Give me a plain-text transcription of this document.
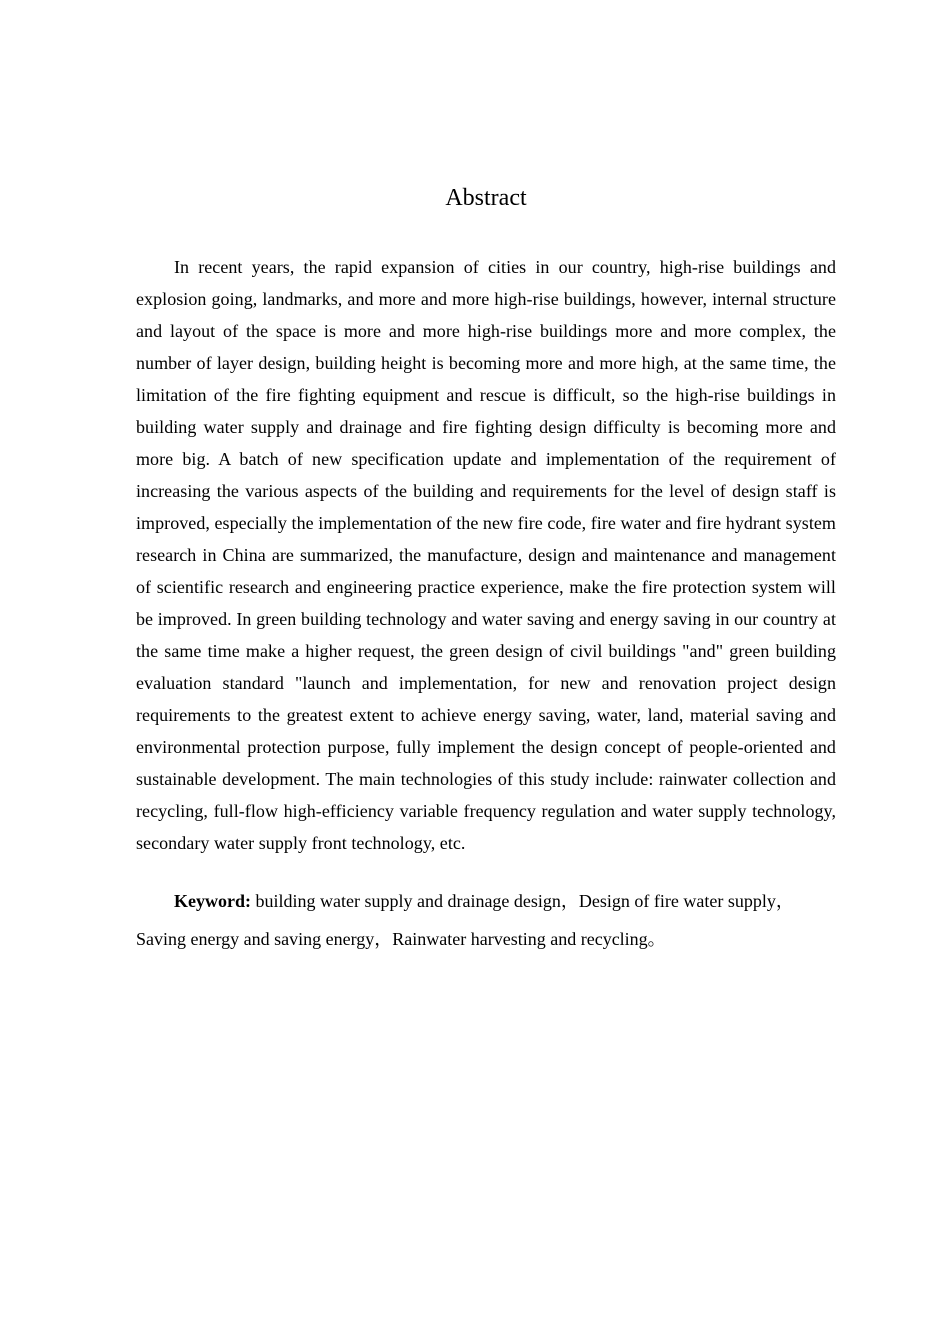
Abstract

In recent years, the rapid expansion of cities in our country, high-rise buildings and explosion going, landmarks, and more and more high-rise buildings, however, internal structure and layout of the space is more and more high-rise buildings more and more complex, the number of layer design, building height is becoming more and more high, at the same time, the limitation of the fire fighting equipment and rescue is difficult, so the high-rise buildings in building water supply and drainage and fire fighting design difficulty is becoming more and more big. A batch of new specification update and implementation of the requirement of increasing the various aspects of the building and requirements for the level of design staff is improved, especially the implementation of the new fire code, fire water and fire hydrant system research in China are summarized, the manufacture, design and maintenance and management of scientific research and engineering practice experience, make the fire protection system will be improved. In green building technology and water saving and energy saving in our country at the same time make a higher request, the green design of civil buildings "and" green building evaluation standard "launch and implementation, for new and renovation project design requirements to the greatest extent to achieve energy saving, water, land, material saving and environmental protection purpose, fully implement the design concept of people-oriented and sustainable development. The main technologies of this study include: rainwater collection and recycling, full-flow high-efficiency variable frequency regulation and water supply technology, secondary water supply front technology, etc.

Keyword: building water supply and drainage design，Design of fire water supply，Saving energy and saving energy，Rainwater harvesting and recycling。
